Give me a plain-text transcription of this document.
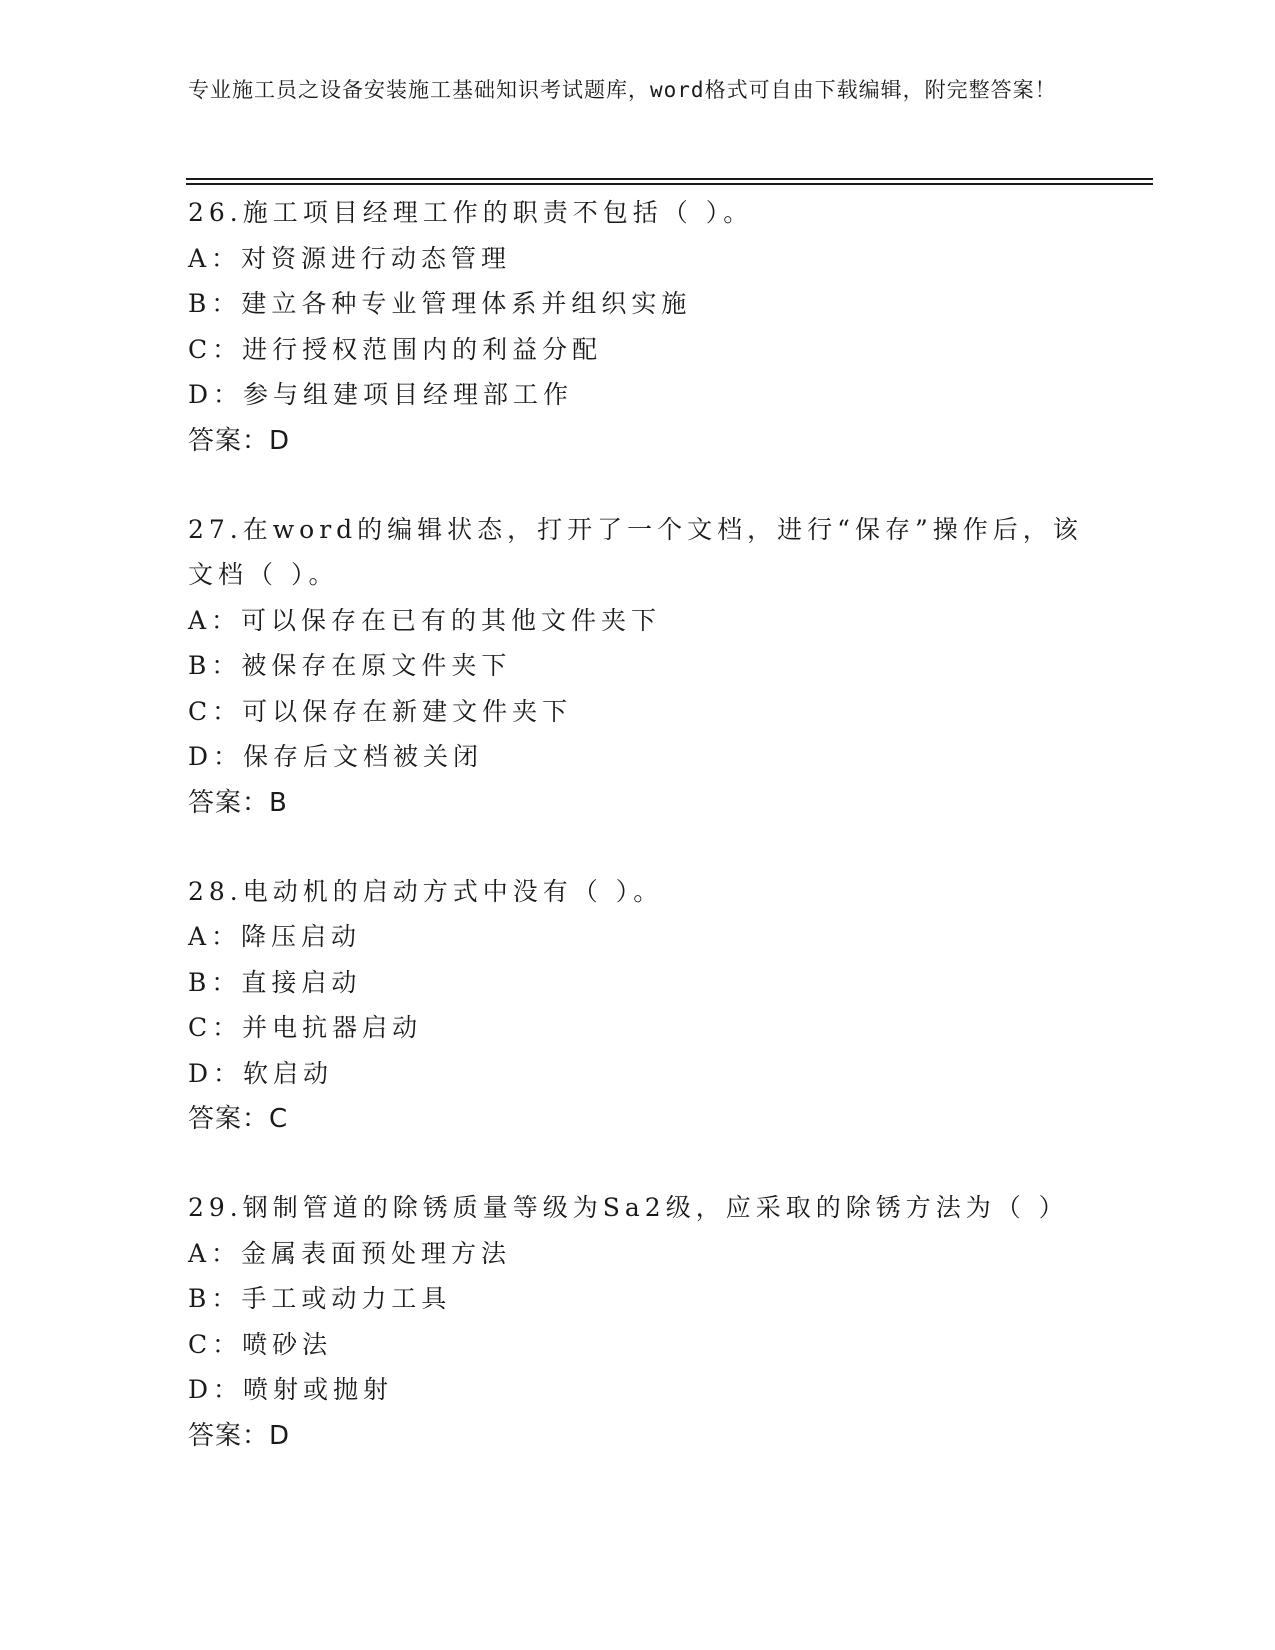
专业施工员之设备安装施工基础知识考试题库，word格式可自由下载编辑，附完整答案！

26.施工项目经理工作的职责不包括（ ）。

A：对资源进行动态管理

B：建立各种专业管理体系并组织实施

C：进行授权范围内的利益分配

D：参与组建项目经理部工作

答案：D

27.在word的编辑状态，打开了一个文档，进行“保存”操作后，该文档（ ）。

A：可以保存在已有的其他文件夹下

B：被保存在原文件夹下

C：可以保存在新建文件夹下

D：保存后文档被关闭

答案：B

28.电动机的启动方式中没有（ ）。

A：降压启动

B：直接启动

C：并电抗器启动

D：软启动

答案：C

29.钢制管道的除锈质量等级为Sa2级，应采取的除锈方法为（ ）

A：金属表面预处理方法

B：手工或动力工具

C：喷砂法

D：喷射或抛射

答案：D
